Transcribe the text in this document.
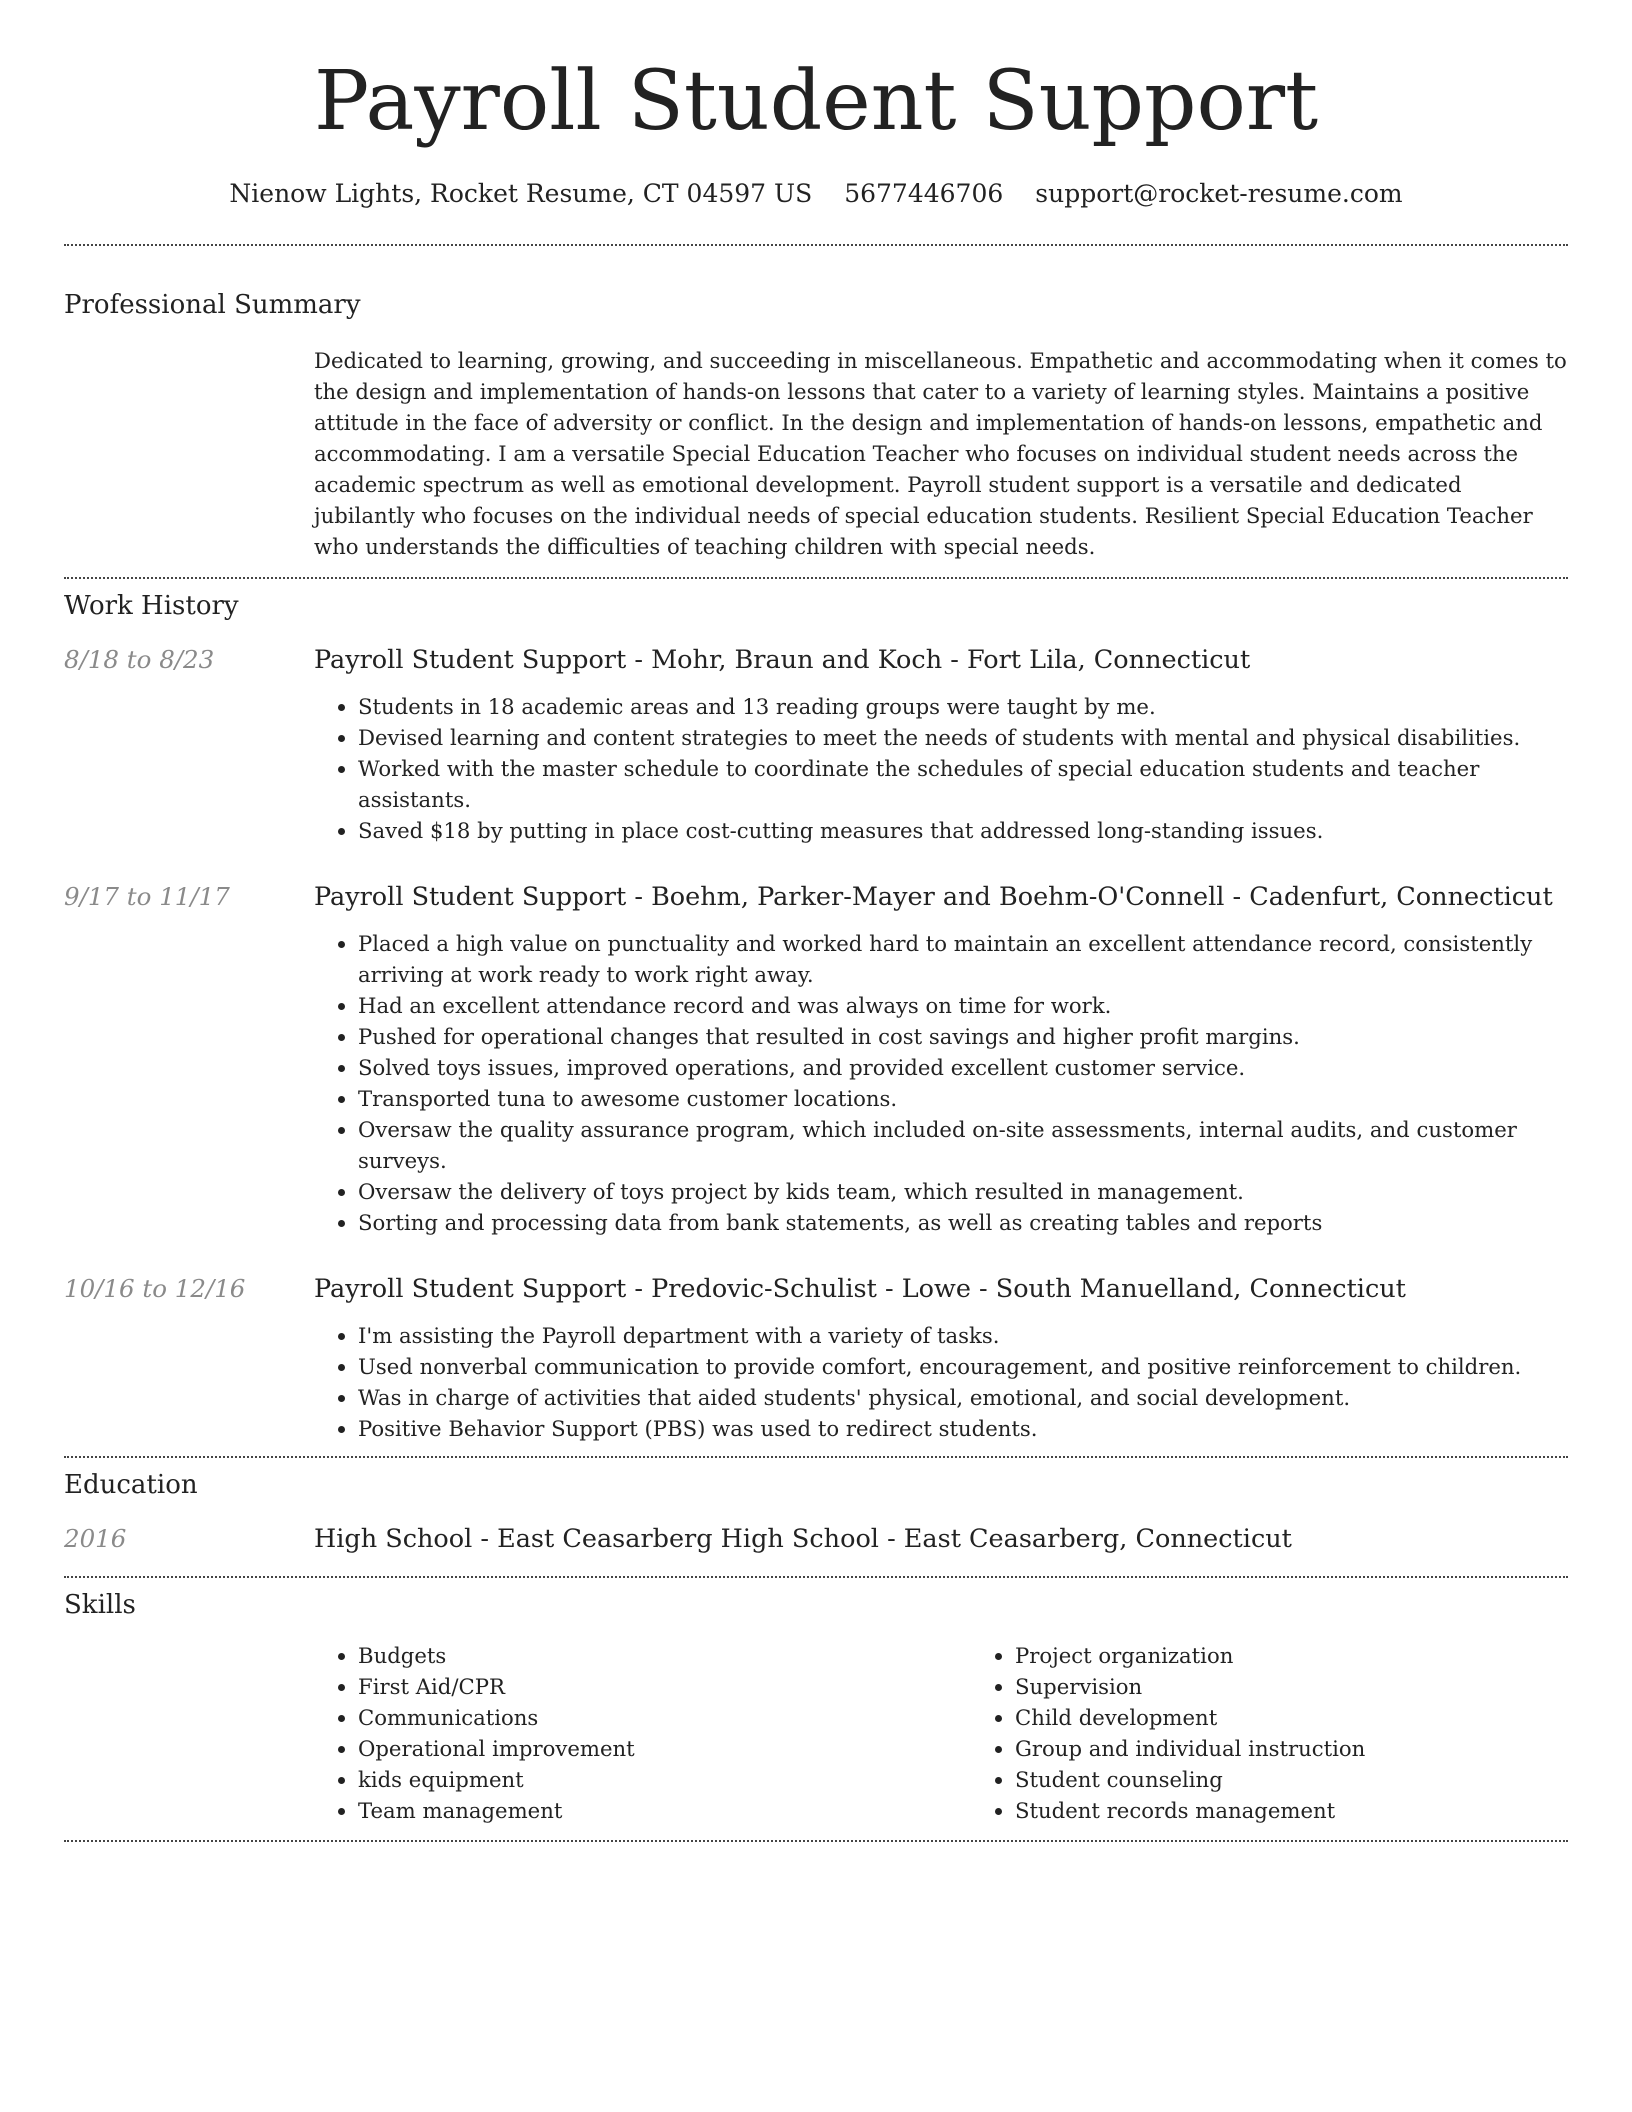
Payroll Student Support
Nienow Lights, Rocket Resume, CT 04597 US 5677446706 support@rocket-resume.com
Professional Summary

Dedicated to learning, growing, and succeeding in miscellaneous. Empathetic and accommodating when it comes to the design and implementation of hands-on lessons that cater to a variety of learning styles. Maintains a positive attitude in the face of adversity or conflict. In the design and implementation of hands-on lessons, empathetic and accommodating. I am a versatile Special Education Teacher who focuses on individual student needs across the academic spectrum as well as emotional development. Payroll student support is a versatile and dedicated jubilantly who focuses on the individual needs of special education students. Resilient Special Education Teacher who understands the difficulties of teaching children with special needs.

Work History
8/18 to 8/23	Payroll Student Support - Mohr, Braun and Koch - Fort Lila, Connecticut
• Students in 18 academic areas and 13 reading groups were taught by me.
• Devised learning and content strategies to meet the needs of students with mental and physical disabilities.
• Worked with the master schedule to coordinate the schedules of special education students and teacher assistants.
• Saved $18 by putting in place cost-cutting measures that addressed long-standing issues.
9/17 to 11/17	Payroll Student Support - Boehm, Parker-Mayer and Boehm-O'Connell - Cadenfurt, Connecticut
• Placed a high value on punctuality and worked hard to maintain an excellent attendance record, consistently arriving at work ready to work right away.
• Had an excellent attendance record and was always on time for work.
• Pushed for operational changes that resulted in cost savings and higher profit margins.
• Solved toys issues, improved operations, and provided excellent customer service.
• Transported tuna to awesome customer locations.
• Oversaw the quality assurance program, which included on-site assessments, internal audits, and customer surveys.
• Oversaw the delivery of toys project by kids team, which resulted in management.
• Sorting and processing data from bank statements, as well as creating tables and reports
10/16 to 12/16	Payroll Student Support - Predovic-Schulist - Lowe - South Manuelland, Connecticut
• I'm assisting the Payroll department with a variety of tasks.
• Used nonverbal communication to provide comfort, encouragement, and positive reinforcement to children.
• Was in charge of activities that aided students' physical, emotional, and social development.
• Positive Behavior Support (PBS) was used to redirect students.
Education
2016	High School - East Ceasarberg High School - East Ceasarberg, Connecticut
Skills
• Budgets
• First Aid/CPR
• Communications
• Operational improvement
• kids equipment
• Team management
• Project organization
• Supervision
• Child development
• Group and individual instruction
• Student counseling
• Student records management
